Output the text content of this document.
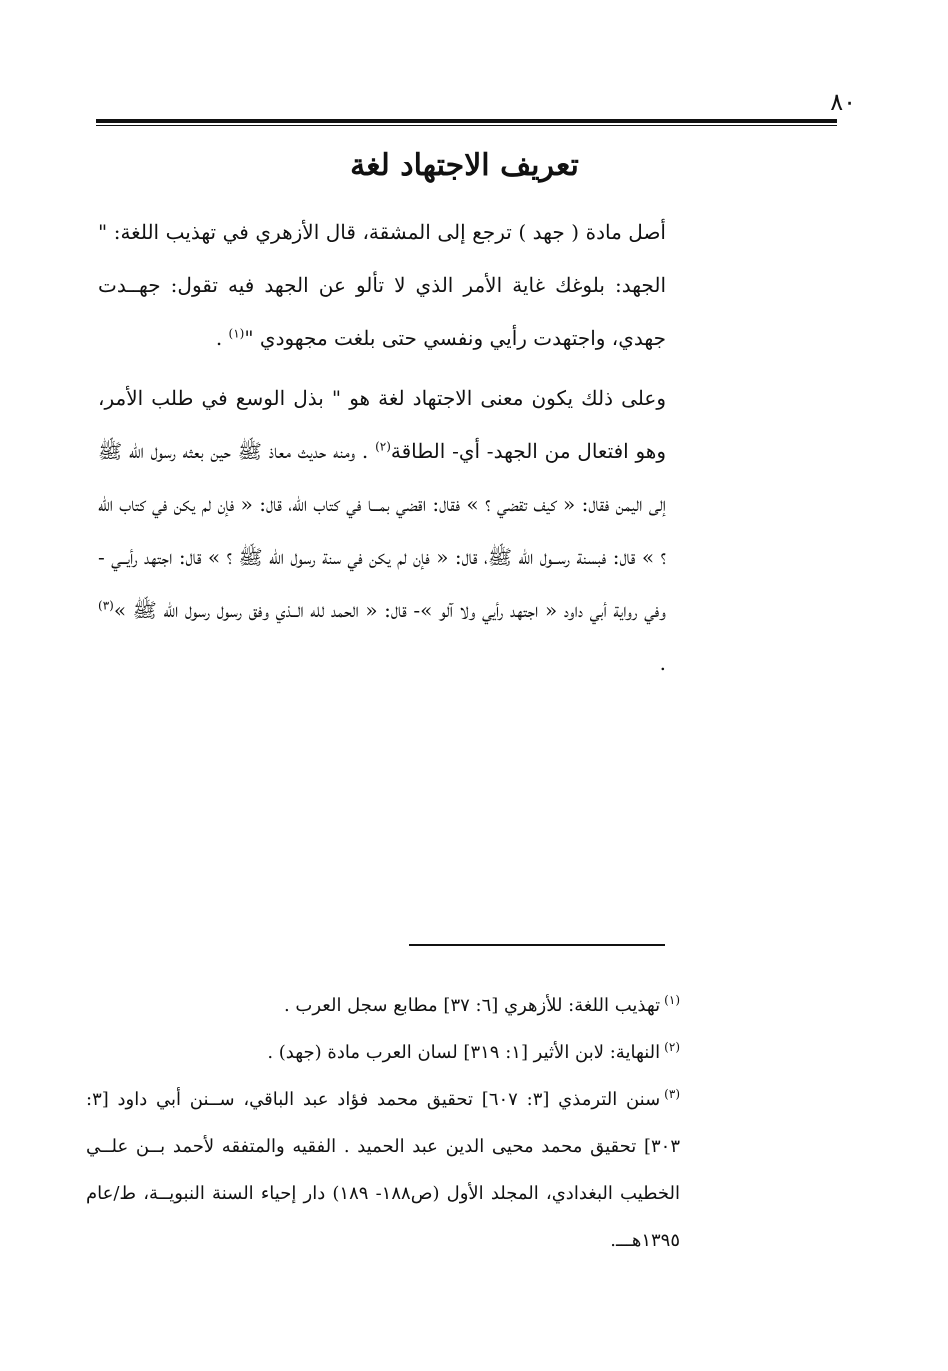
٨٠
تعريف الاجتهاد لغة
أصل مادة ( جهد ) ترجع إلى المشقة، قال الأزهري في تهذيب اللغة: " الجهد: بلوغك غاية الأمر الذي لا تألو عن الجهد فيه تقول: جهــدت جهدي، واجتهدت رأيي ونفسي حتى بلغت مجهودي "$^{(١)}$ .
وعلى ذلك يكون معنى الاجتهاد لغة هو " بذل الوسع في طلب الأمر، وهو افتعال من الجهد- أي- الطاقة$^{(٢)}$ . ومنه حديث معاذ ﷺ حين بعثه رسول الله ﷺ إلى اليمن فقال: « كيف تقضي ؟ » فقال: اقضي بمـــا في كتاب الله، قال: « فإن لم يكن في كتاب الله ؟ » قال: فبسنة رســول الله ﷺ، قال: « فإن لم يكن في سنة رسول الله ﷺ ؟ » قال: اجتهد رأيــي - وفي رواية أبي داود « اجتهد رأيي ولا آلو »- قال: « الحمد لله الــذي وفق رسول رسول الله ﷺ »$^{(٣)}$ .
$^{(١)}$تهذيب اللغة: للأزهري [٦: ٣٧] مطابع سجل العرب .
$^{(٢)}$النهاية: لابن الأثير [١: ٣١٩] لسان العرب مادة (جهد) .
$^{(٣)}$سنن الترمذي [٣: ٦٠٧] تحقيق محمد فؤاد عبد الباقي، ســنن أبي داود [٣: ٣٠٣] تحقيق محمد محيى الدين عبد الحميد . الفقيه والمتفقه لأحمد بــن علــي الخطيب البغدادي، المجلد الأول (ص١٨٨- ١٨٩) دار إحياء السنة النبويــة، ط/عام ١٣٩٥هـــ.
